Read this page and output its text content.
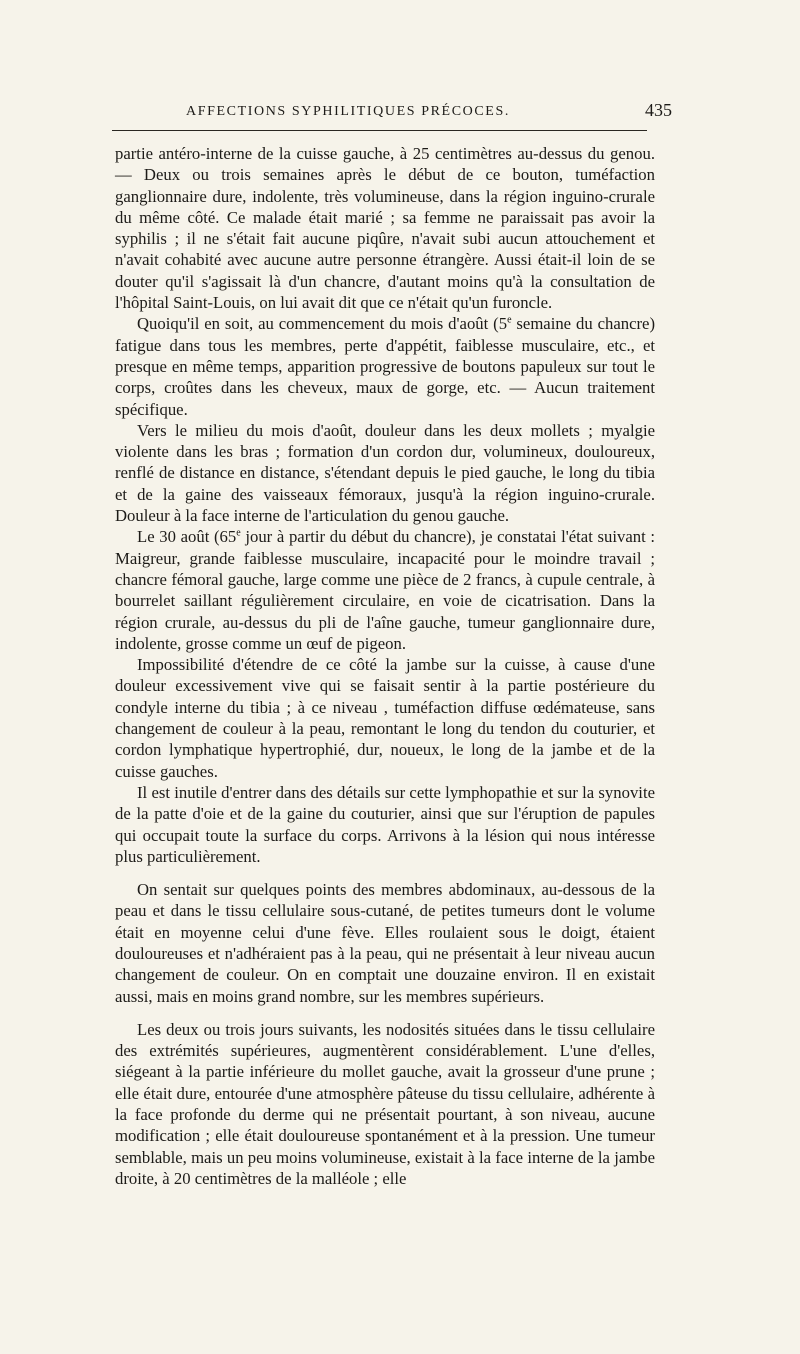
AFFECTIONS SYPHILITIQUES PRÉCOCES.	435

partie antéro-interne de la cuisse gauche, à 25 centimètres au-dessus du genou. — Deux ou trois semaines après le début de ce bouton, tuméfaction ganglionnaire dure, indolente, très volumineuse, dans la région inguino-crurale du même côté. Ce malade était marié ; sa femme ne paraissait pas avoir la syphilis ; il ne s'était fait aucune piqûre, n'avait subi aucun attouchement et n'avait cohabité avec aucune autre personne étrangère. Aussi était-il loin de se douter qu'il s'agissait là d'un chancre, d'autant moins qu'à la consultation de l'hôpital Saint-Louis, on lui avait dit que ce n'était qu'un furoncle.

Quoiqu'il en soit, au commencement du mois d'août (5e semaine du chancre) fatigue dans tous les membres, perte d'appétit, faiblesse musculaire, etc., et presque en même temps, apparition progressive de boutons papuleux sur tout le corps, croûtes dans les cheveux, maux de gorge, etc. — Aucun traitement spécifique.

Vers le milieu du mois d'août, douleur dans les deux mollets ; myalgie violente dans les bras ; formation d'un cordon dur, volumineux, douloureux, renflé de distance en distance, s'étendant depuis le pied gauche, le long du tibia et de la gaine des vaisseaux fémoraux, jusqu'à la région inguino-crurale. Douleur à la face interne de l'articulation du genou gauche.

Le 30 août (65e jour à partir du début du chancre), je constatai l'état suivant : Maigreur, grande faiblesse musculaire, incapacité pour le moindre travail ; chancre fémoral gauche, large comme une pièce de 2 francs, à cupule centrale, à bourrelet saillant régulièrement circulaire, en voie de cicatrisation. Dans la région crurale, au-dessus du pli de l'aîne gauche, tumeur ganglionnaire dure, indolente, grosse comme un œuf de pigeon.

Impossibilité d'étendre de ce côté la jambe sur la cuisse, à cause d'une douleur excessivement vive qui se faisait sentir à la partie postérieure du condyle interne du tibia ; à ce niveau , tuméfaction diffuse œdémateuse, sans changement de couleur à la peau, remontant le long du tendon du couturier, et cordon lymphatique hypertrophié, dur, noueux, le long de la jambe et de la cuisse gauches.

Il est inutile d'entrer dans des détails sur cette lymphopathie et sur la synovite de la patte d'oie et de la gaine du couturier, ainsi que sur l'éruption de papules qui occupait toute la surface du corps. Arrivons à la lésion qui nous intéresse plus particulièrement.

On sentait sur quelques points des membres abdominaux, au-dessous de la peau et dans le tissu cellulaire sous-cutané, de petites tumeurs dont le volume était en moyenne celui d'une fève. Elles roulaient sous le doigt, étaient douloureuses et n'adhéraient pas à la peau, qui ne présentait à leur niveau aucun changement de couleur. On en comptait une douzaine environ. Il en existait aussi, mais en moins grand nombre, sur les membres supérieurs.

Les deux ou trois jours suivants, les nodosités situées dans le tissu cellulaire des extrémités supérieures, augmentèrent considérablement. L'une d'elles, siégeant à la partie inférieure du mollet gauche, avait la grosseur d'une prune ; elle était dure, entourée d'une atmosphère pâteuse du tissu cellulaire, adhérente à la face profonde du derme qui ne présentait pourtant, à son niveau, aucune modification ; elle était douloureuse spontanément et à la pression. Une tumeur semblable, mais un peu moins volumineuse, existait à la face interne de la jambe droite, à 20 centimètres de la malléole ; elle
